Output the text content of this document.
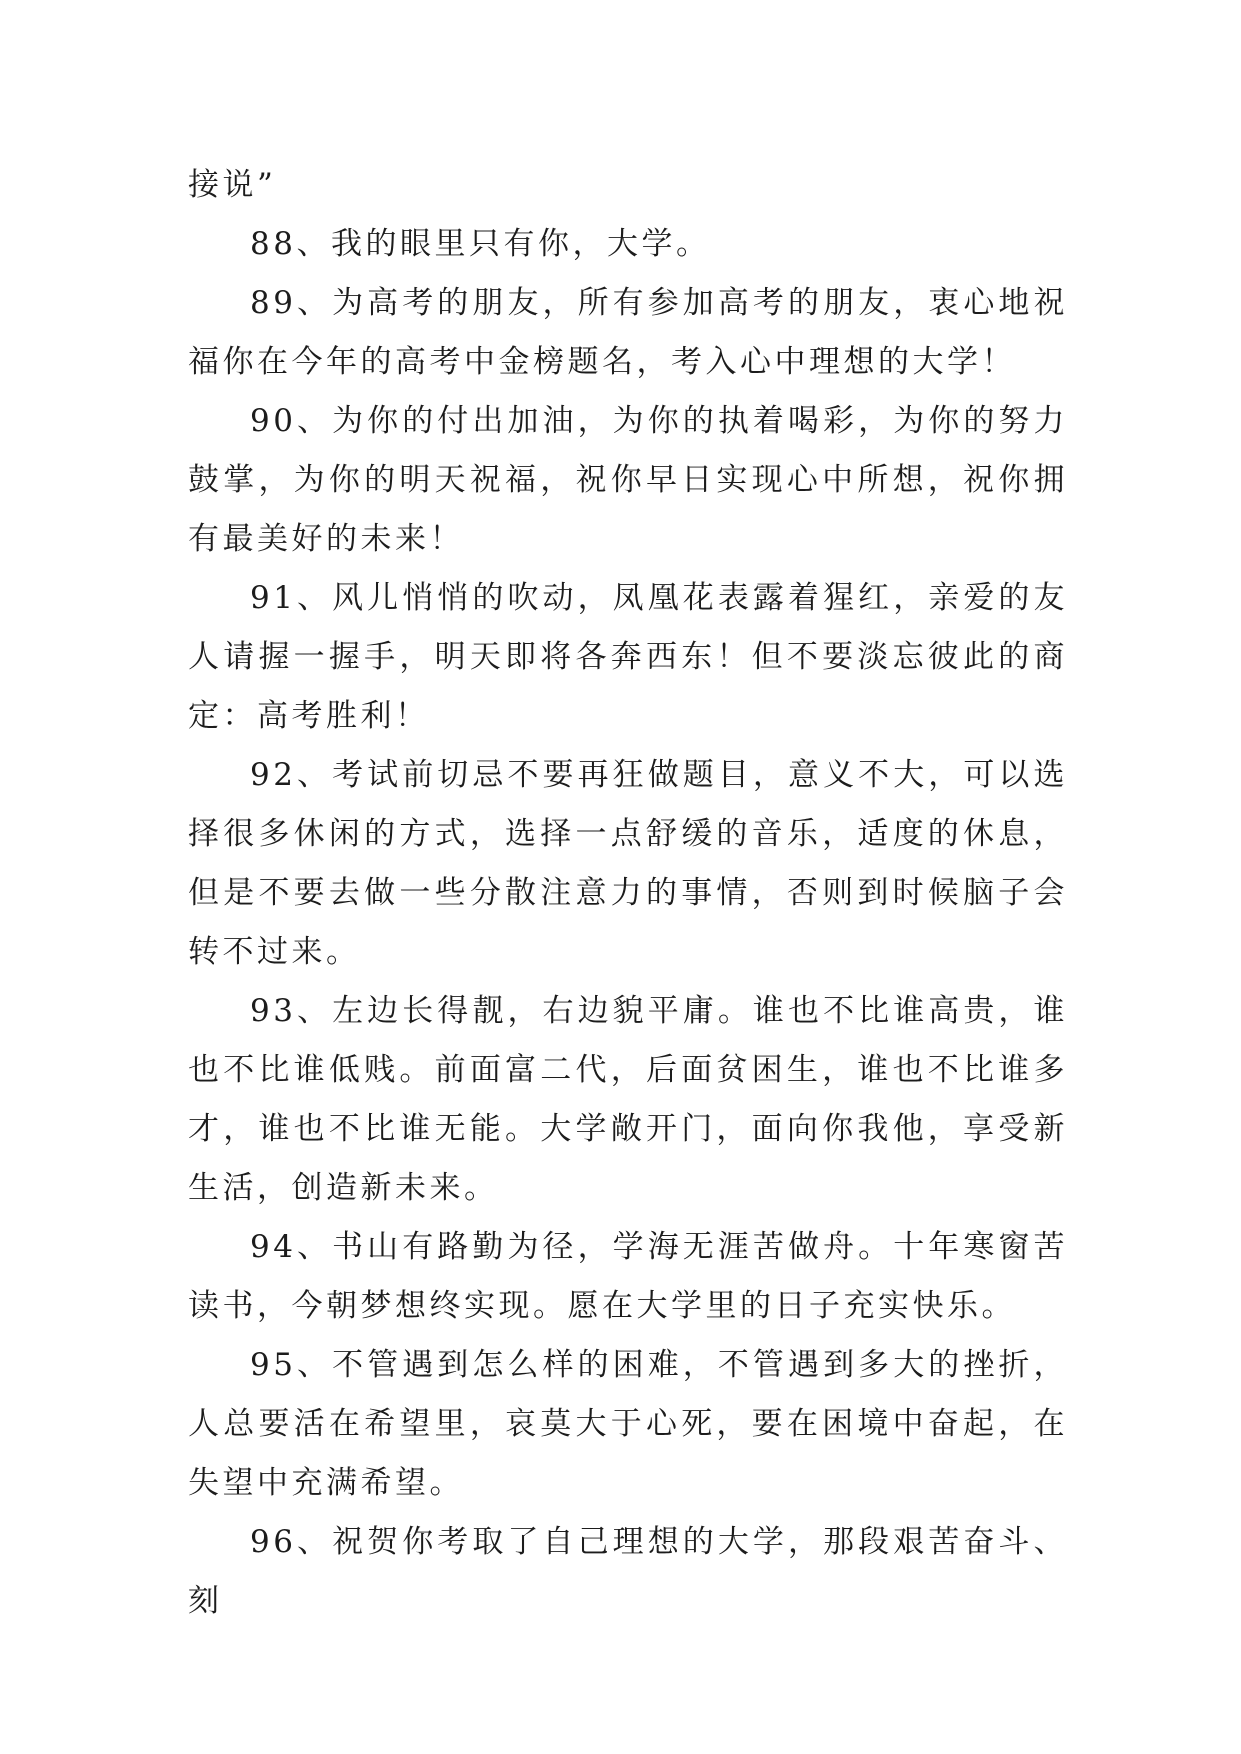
接说”

88、我的眼里只有你，大学。

89、为高考的朋友，所有参加高考的朋友，衷心地祝福你在今年的高考中金榜题名，考入心中理想的大学！

90、为你的付出加油，为你的执着喝彩，为你的努力鼓掌，为你的明天祝福，祝你早日实现心中所想，祝你拥有最美好的未来！

91、风儿悄悄的吹动，凤凰花表露着猩红，亲爱的友人请握一握手，明天即将各奔西东！但不要淡忘彼此的商定：高考胜利！

92、考试前切忌不要再狂做题目，意义不大，可以选择很多休闲的方式，选择一点舒缓的音乐，适度的休息，但是不要去做一些分散注意力的事情，否则到时候脑子会转不过来。

93、左边长得靓，右边貌平庸。谁也不比谁高贵，谁也不比谁低贱。前面富二代，后面贫困生，谁也不比谁多才，谁也不比谁无能。大学敞开门，面向你我他，享受新生活，创造新未来。

94、书山有路勤为径，学海无涯苦做舟。十年寒窗苦读书，今朝梦想终实现。愿在大学里的日子充实快乐。

95、不管遇到怎么样的困难，不管遇到多大的挫折，人总要活在希望里，哀莫大于心死，要在困境中奋起，在失望中充满希望。

96、祝贺你考取了自己理想的大学，那段艰苦奋斗、刻
